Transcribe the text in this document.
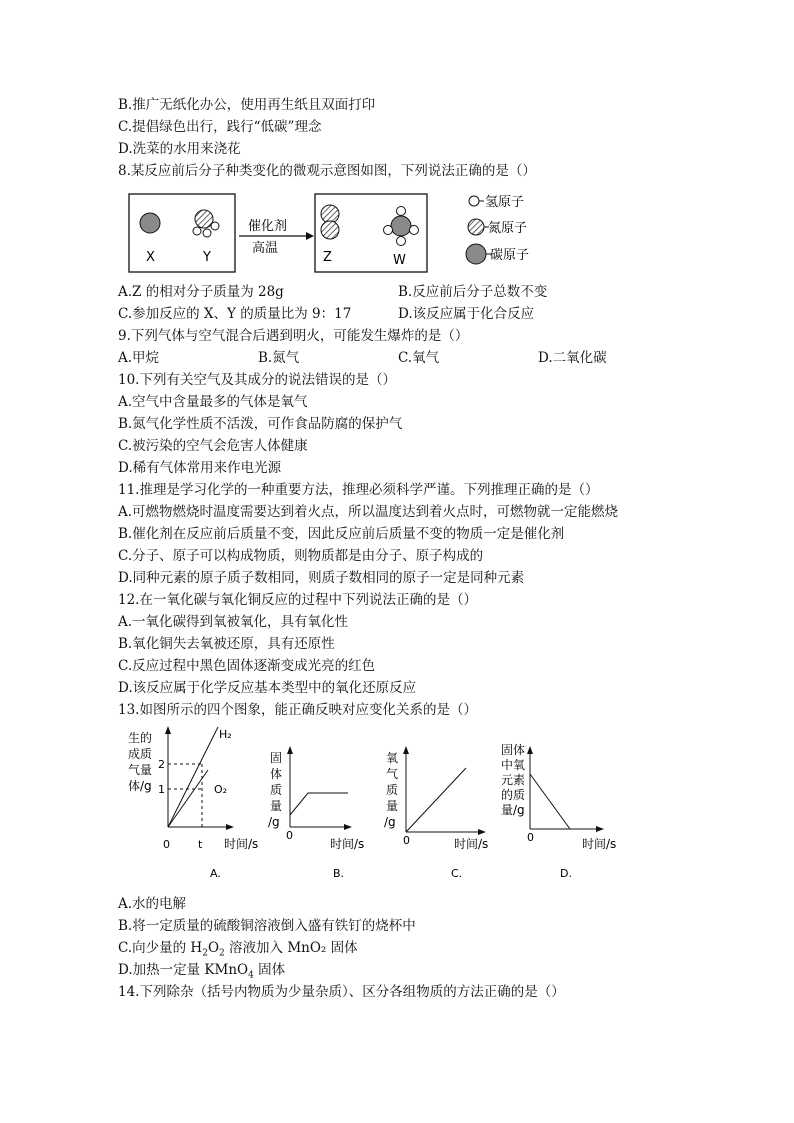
B.推广无纸化办公，使用再生纸且双面打印
C.提倡绿色出行，践行“低碳”理念
D.洗菜的水用来浇花
8.某反应前后分子种类变化的微观示意图如图，下列说法正确的是（）
X	Y
催化剂
高温
Z	W
氢原子
氮原子
碳原子
A.Z 的相对分子质量为 28g	B.反应前后分子总数不变
C.参加反应的 X、Y 的质量比为 9：17	D.该反应属于化合反应
9.下列气体与空气混合后遇到明火，可能发生爆炸的是（）
A.甲烷	B.氮气	C.氧气	D.二氧化碳
10.下列有关空气及其成分的说法错误的是（）
A.空气中含量最多的气体是氧气
B.氮气化学性质不活泼，可作食品防腐的保护气
C.被污染的空气会危害人体健康
D.稀有气体常用来作电光源
11.推理是学习化学的一种重要方法，推理必须科学严谨。下列推理正确的是（）
A.可燃物燃烧时温度需要达到着火点，所以温度达到着火点时，可燃物就一定能燃烧
B.催化剂在反应前后质量不变，因此反应前后质量不变的物质一定是催化剂
C.分子、原子可以构成物质，则物质都是由分子、原子构成的
D.同种元素的原子质子数相同，则质子数相同的原子一定是同种元素
12.在一氧化碳与氧化铜反应的过程中下列说法正确的是（）
A.一氧化碳得到氧被氧化，具有氧化性
B.氧化铜失去氧被还原，具有还原性
C.反应过程中黑色固体逐渐变成光亮的红色
D.该反应属于化学反应基本类型中的氧化还原反应
13.如图所示的四个图象，能正确反映对应变化关系的是（）
生的
成质
气量
体/g
H₂
O₂
2
1
0	t 时间/s
A.
固
体
质
量
/g
0
时间/s
B.
氧
气
质
量
/g
0	时间/s
C.
固体
中氧
元素
的质
量/g
0	时间/s
D.
A.水的电解
B.将一定质量的硫酸铜溶液倒入盛有铁钉的烧杯中
C.向少量的 $H_2O_2$ 溶液加入 MnO₂ 固体
D.加热一定量 KMnO$_4$ 固体
14.下列除杂（括号内物质为少量杂质）、区分各组物质的方法正确的是（）
